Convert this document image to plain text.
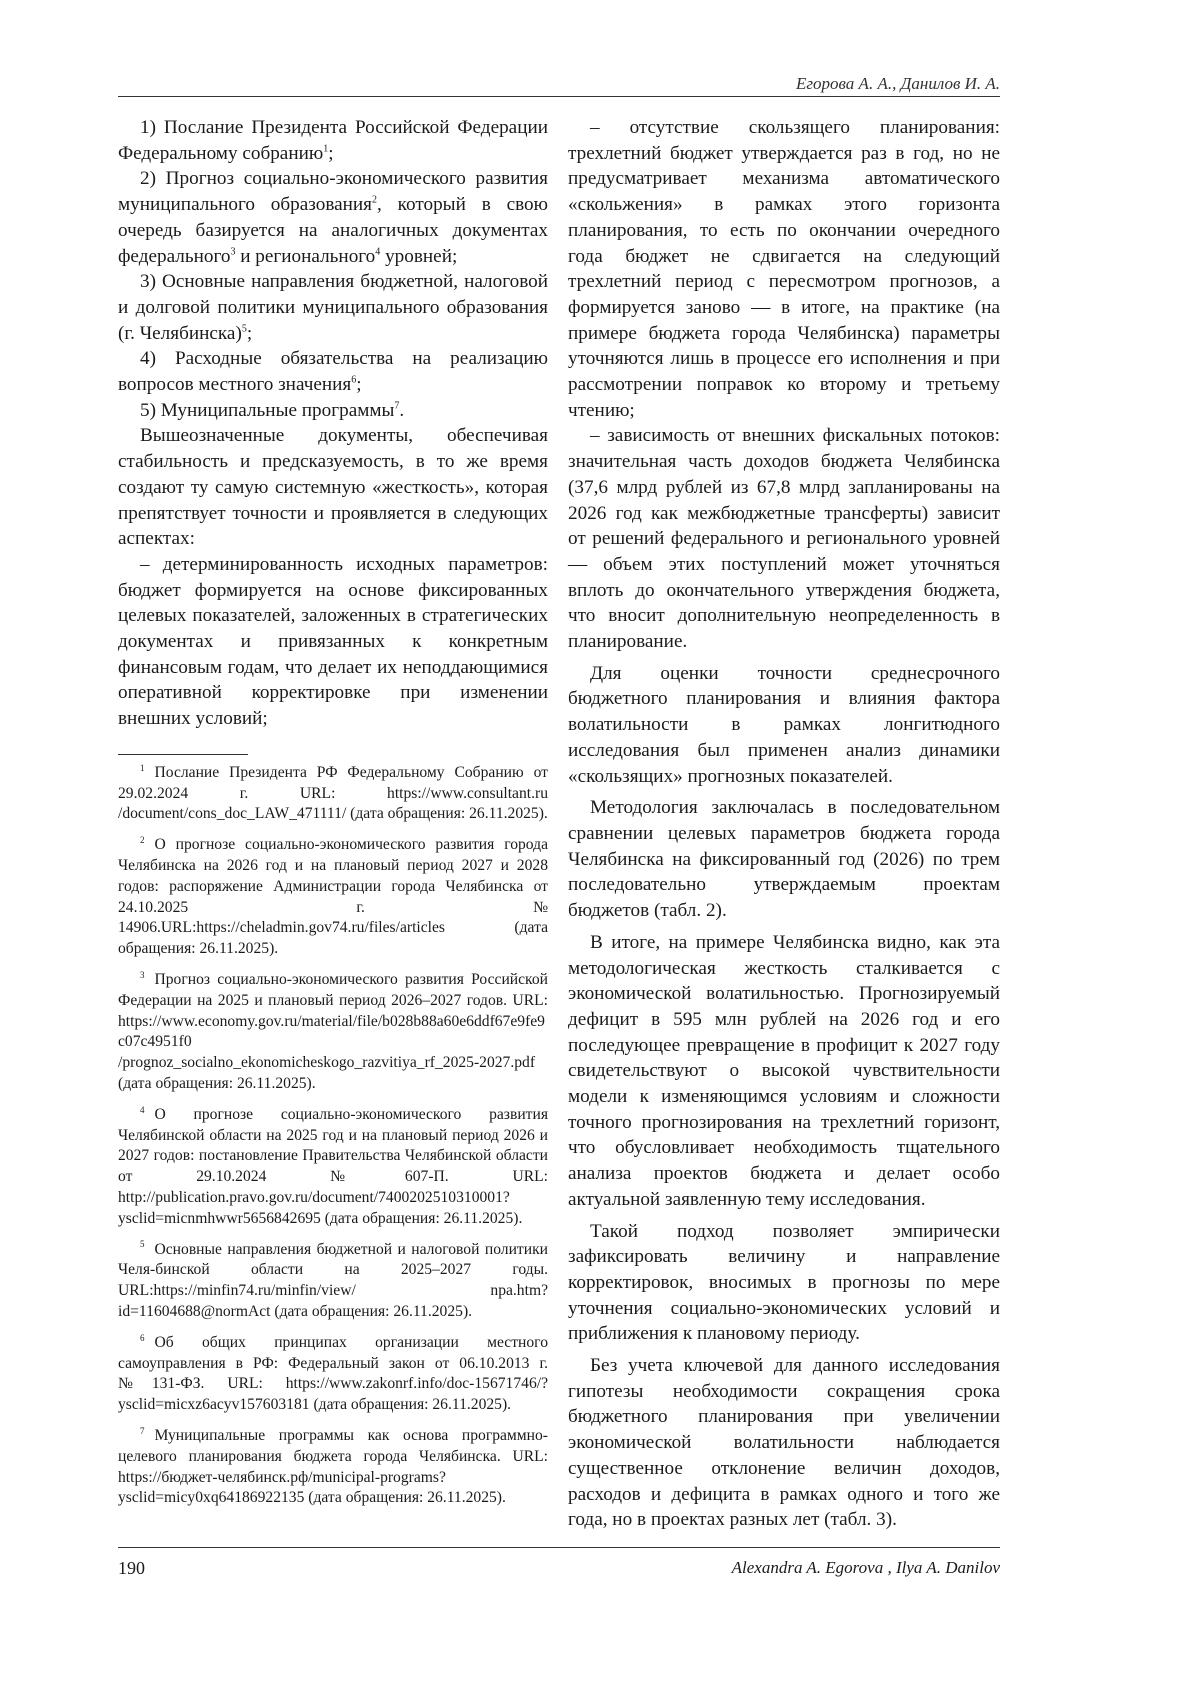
Егорова А. А., Данилов И. А.

1) Послание Президента Российской Федерации Федеральному собранию$^1$;

2) Прогноз социально-экономического развития муниципального образования$^2$, который в свою очередь базируется на аналогичных документах федерального$^3$ и регионального$^4$ уровней;

3) Основные направления бюджетной, налоговой и долговой политики муниципального образования (г. Челябинска)$^5$;

4) Расходные обязательства на реализацию вопросов местного значения$^6$;

5) Муниципальные программы$^7$.

Вышеозначенные документы, обеспечивая стабильность и предсказуемость, в то же время создают ту самую системную «жесткость», которая препятствует точности и проявляется в следующих аспектах:

– детерминированность исходных параметров: бюджет формируется на основе фиксированных целевых показателей, заложенных в стратегических документах и привязанных к конкретным финансовым годам, что делает их неподдающимися оперативной корректировке при изменении внешних условий;

$^1$ Послание Президента РФ Федеральному Собранию от 29.02.2024 г. URL: https://www.consultant.ru /document/cons_doc_LAW_471111/ (дата обращения: 26.11.2025).

$^2$ О прогнозе социально-экономического развития города Челябинска на 2026 год и на плановый период 2027 и 2028 годов: распоряжение Администрации города Челябинска от 24.10.2025 г. № 14906.URL:https://cheladmin.gov74.ru/files/articles (дата обращения: 26.11.2025).

$^3$ Прогноз социально-экономического развития Российской Федерации на 2025 и плановый период 2026–2027 годов. URL: https://www.economy.gov.ru/material/file/b028b88a60e6ddf67e9fe9c07c4951f0 /prognoz_socialno_ekonomicheskogo_razvitiya_rf_2025-2027.pdf (дата обращения: 26.11.2025).

$^4$ О прогнозе социально-экономического развития Челябинской области на 2025 год и на плановый период 2026 и 2027 годов: постановление Правительства Челябинской области от 29.10.2024 №607-П. URL: http://publication.pravo.gov.ru/document/7400202510310001?ysclid=micnmhwwr5656842695 (дата обращения: 26.11.2025).

$^5$ Основные направления бюджетной и налоговой политики Челя-бинской области на 2025–2027 годы. URL:https://minfin74.ru/minfin/view/ npa.htm?id=11604688@normAct (дата обращения: 26.11.2025).

$^6$ Об общих принципах организации местного самоуправления в РФ: Федеральный закон от 06.10.2013 г. №131-ФЗ. URL: https://www.zakonrf.info/doc-15671746/?ysclid=micxz6acyv157603181 (дата обращения: 26.11.2025).

$^7$ Муниципальные программы как основа программно-целевого планирования бюджета города Челябинска. URL: https://бюджет-челябинск.рф/municipal-programs?ysclid=micy0xq64186922135 (дата обращения: 26.11.2025).

– отсутствие скользящего планирования: трехлетний бюджет утверждается раз в год, но не предусматривает механизма автоматического «скольжения» в рамках этого горизонта планирования, то есть по окончании очередного года бюджет не сдвигается на следующий трехлетний период с пересмотром прогнозов, а формируется заново — в итоге, на практике (на примере бюджета города Челябинска) параметры уточняются лишь в процессе его исполнения и при рассмотрении поправок ко второму и третьему чтению;

– зависимость от внешних фискальных потоков: значительная часть доходов бюджета Челябинска (37,6 млрд рублей из 67,8 млрд запланированы на 2026 год как межбюджетные трансферты) зависит от решений федерального и регионального уровней — объем этих поступлений может уточняться вплоть до окончательного утверждения бюджета, что вносит дополнительную неопределенность в планирование.

Для оценки точности среднесрочного бюджетного планирования и влияния фактора волатильности в рамках лонгитюдного исследования был применен анализ динамики «скользящих» прогнозных показателей.

Методология заключалась в последовательном сравнении целевых параметров бюджета города Челябинска на фиксированный год (2026) по трем последовательно утверждаемым проектам бюджетов (табл. 2).

В итоге, на примере Челябинска видно, как эта методологическая жесткость сталкивается с экономической волатильностью. Прогнозируемый дефицит в 595 млн рублей на 2026 год и его последующее превращение в профицит к 2027 году свидетельствуют о высокой чувствительности модели к изменяющимся условиям и сложности точного прогнозирования на трехлетний горизонт, что обусловливает необходимость тщательного анализа проектов бюджета и делает особо актуальной заявленную тему исследования.

Такой подход позволяет эмпирически зафиксировать величину и направление корректировок, вносимых в прогнозы по мере уточнения социально-экономических условий и приближения к плановому периоду.

Без учета ключевой для данного исследования гипотезы необходимости сокращения срока бюджетного планирования при увеличении экономической волатильности наблюдается существенное отклонение величин доходов, расходов и дефицита в рамках одного и того же года, но в проектах разных лет (табл. 3).

190	Alexandra A. Egorova , Ilya A. Danilov
